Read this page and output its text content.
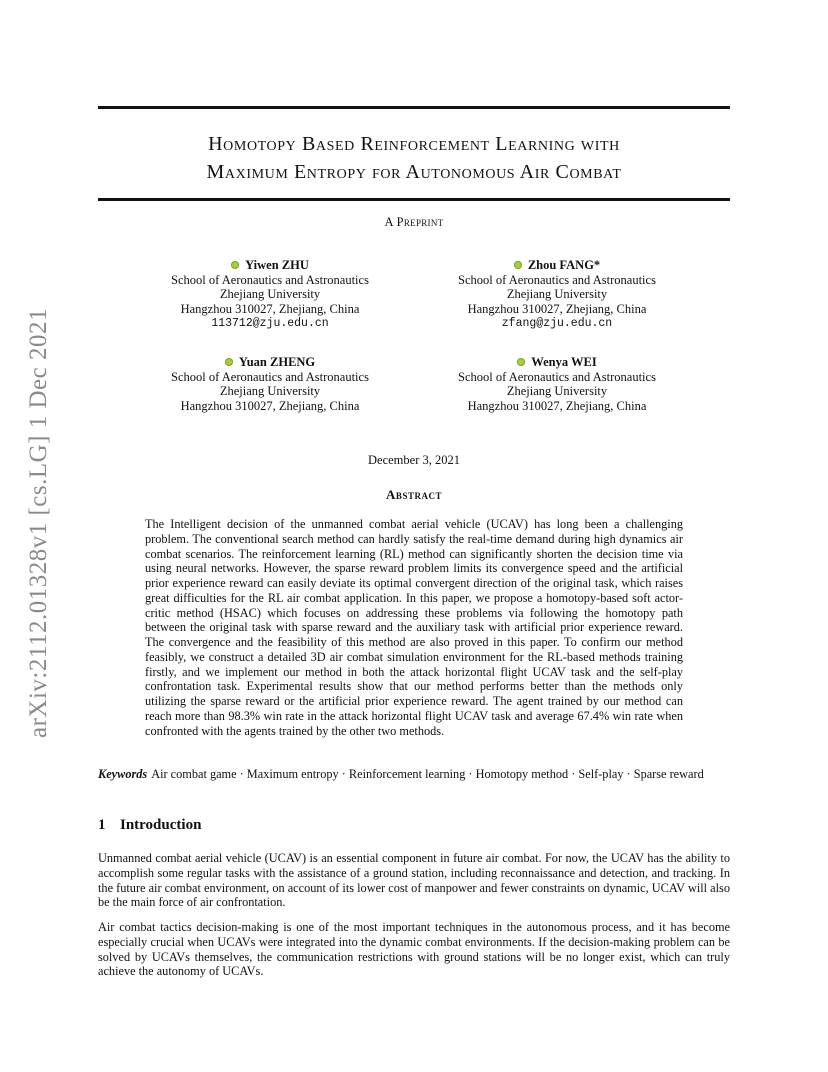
arXiv:2112.01328v1 [cs.LG] 1 Dec 2021
Homotopy Based Reinforcement Learning with
Maximum Entropy for Autonomous Air Combat
A Preprint
Yiwen ZHU
School of Aeronautics and Astronautics
Zhejiang University
Hangzhou 310027, Zhejiang, China
113712@zju.edu.cn
Zhou FANG*
School of Aeronautics and Astronautics
Zhejiang University
Hangzhou 310027, Zhejiang, China
zfang@zju.edu.cn
Yuan ZHENG
School of Aeronautics and Astronautics
Zhejiang University
Hangzhou 310027, Zhejiang, China
Wenya WEI
School of Aeronautics and Astronautics
Zhejiang University
Hangzhou 310027, Zhejiang, China
December 3, 2021
Abstract

The Intelligent decision of the unmanned combat aerial vehicle (UCAV) has long been a challenging problem. The conventional search method can hardly satisfy the real-time demand during high dynamics air combat scenarios. The reinforcement learning (RL) method can significantly shorten the decision time via using neural networks. However, the sparse reward problem limits its convergence speed and the artificial prior experience reward can easily deviate its optimal convergent direction of the original task, which raises great difficulties for the RL air combat application. In this paper, we propose a homotopy-based soft actor-critic method (HSAC) which focuses on addressing these problems via following the homotopy path between the original task with sparse reward and the auxiliary task with artificial prior experience reward. The convergence and the feasibility of this method are also proved in this paper. To confirm our method feasibly, we construct a detailed 3D air combat simulation environment for the RL-based methods training firstly, and we implement our method in both the attack horizontal flight UCAV task and the self-play confrontation task. Experimental results show that our method performs better than the methods only utilizing the sparse reward or the artificial prior experience reward. The agent trained by our method can reach more than 98.3% win rate in the attack horizontal flight UCAV task and average 67.4% win rate when confronted with the agents trained by the other two methods.

Keywords Air combat game · Maximum entropy · Reinforcement learning · Homotopy method · Self-play · Sparse reward

1 Introduction

Unmanned combat aerial vehicle (UCAV) is an essential component in future air combat. For now, the UCAV has the ability to accomplish some regular tasks with the assistance of a ground station, including reconnaissance and detection, and tracking. In the future air combat environment, on account of its lower cost of manpower and fewer constraints on dynamic, UCAV will also be the main force of air confrontation.

Air combat tactics decision-making is one of the most important techniques in the autonomous process, and it has become especially crucial when UCAVs were integrated into the dynamic combat environments. If the decision-making problem can be solved by UCAVs themselves, the communication restrictions with ground stations will be no longer exist, which can truly achieve the autonomy of UCAVs.
